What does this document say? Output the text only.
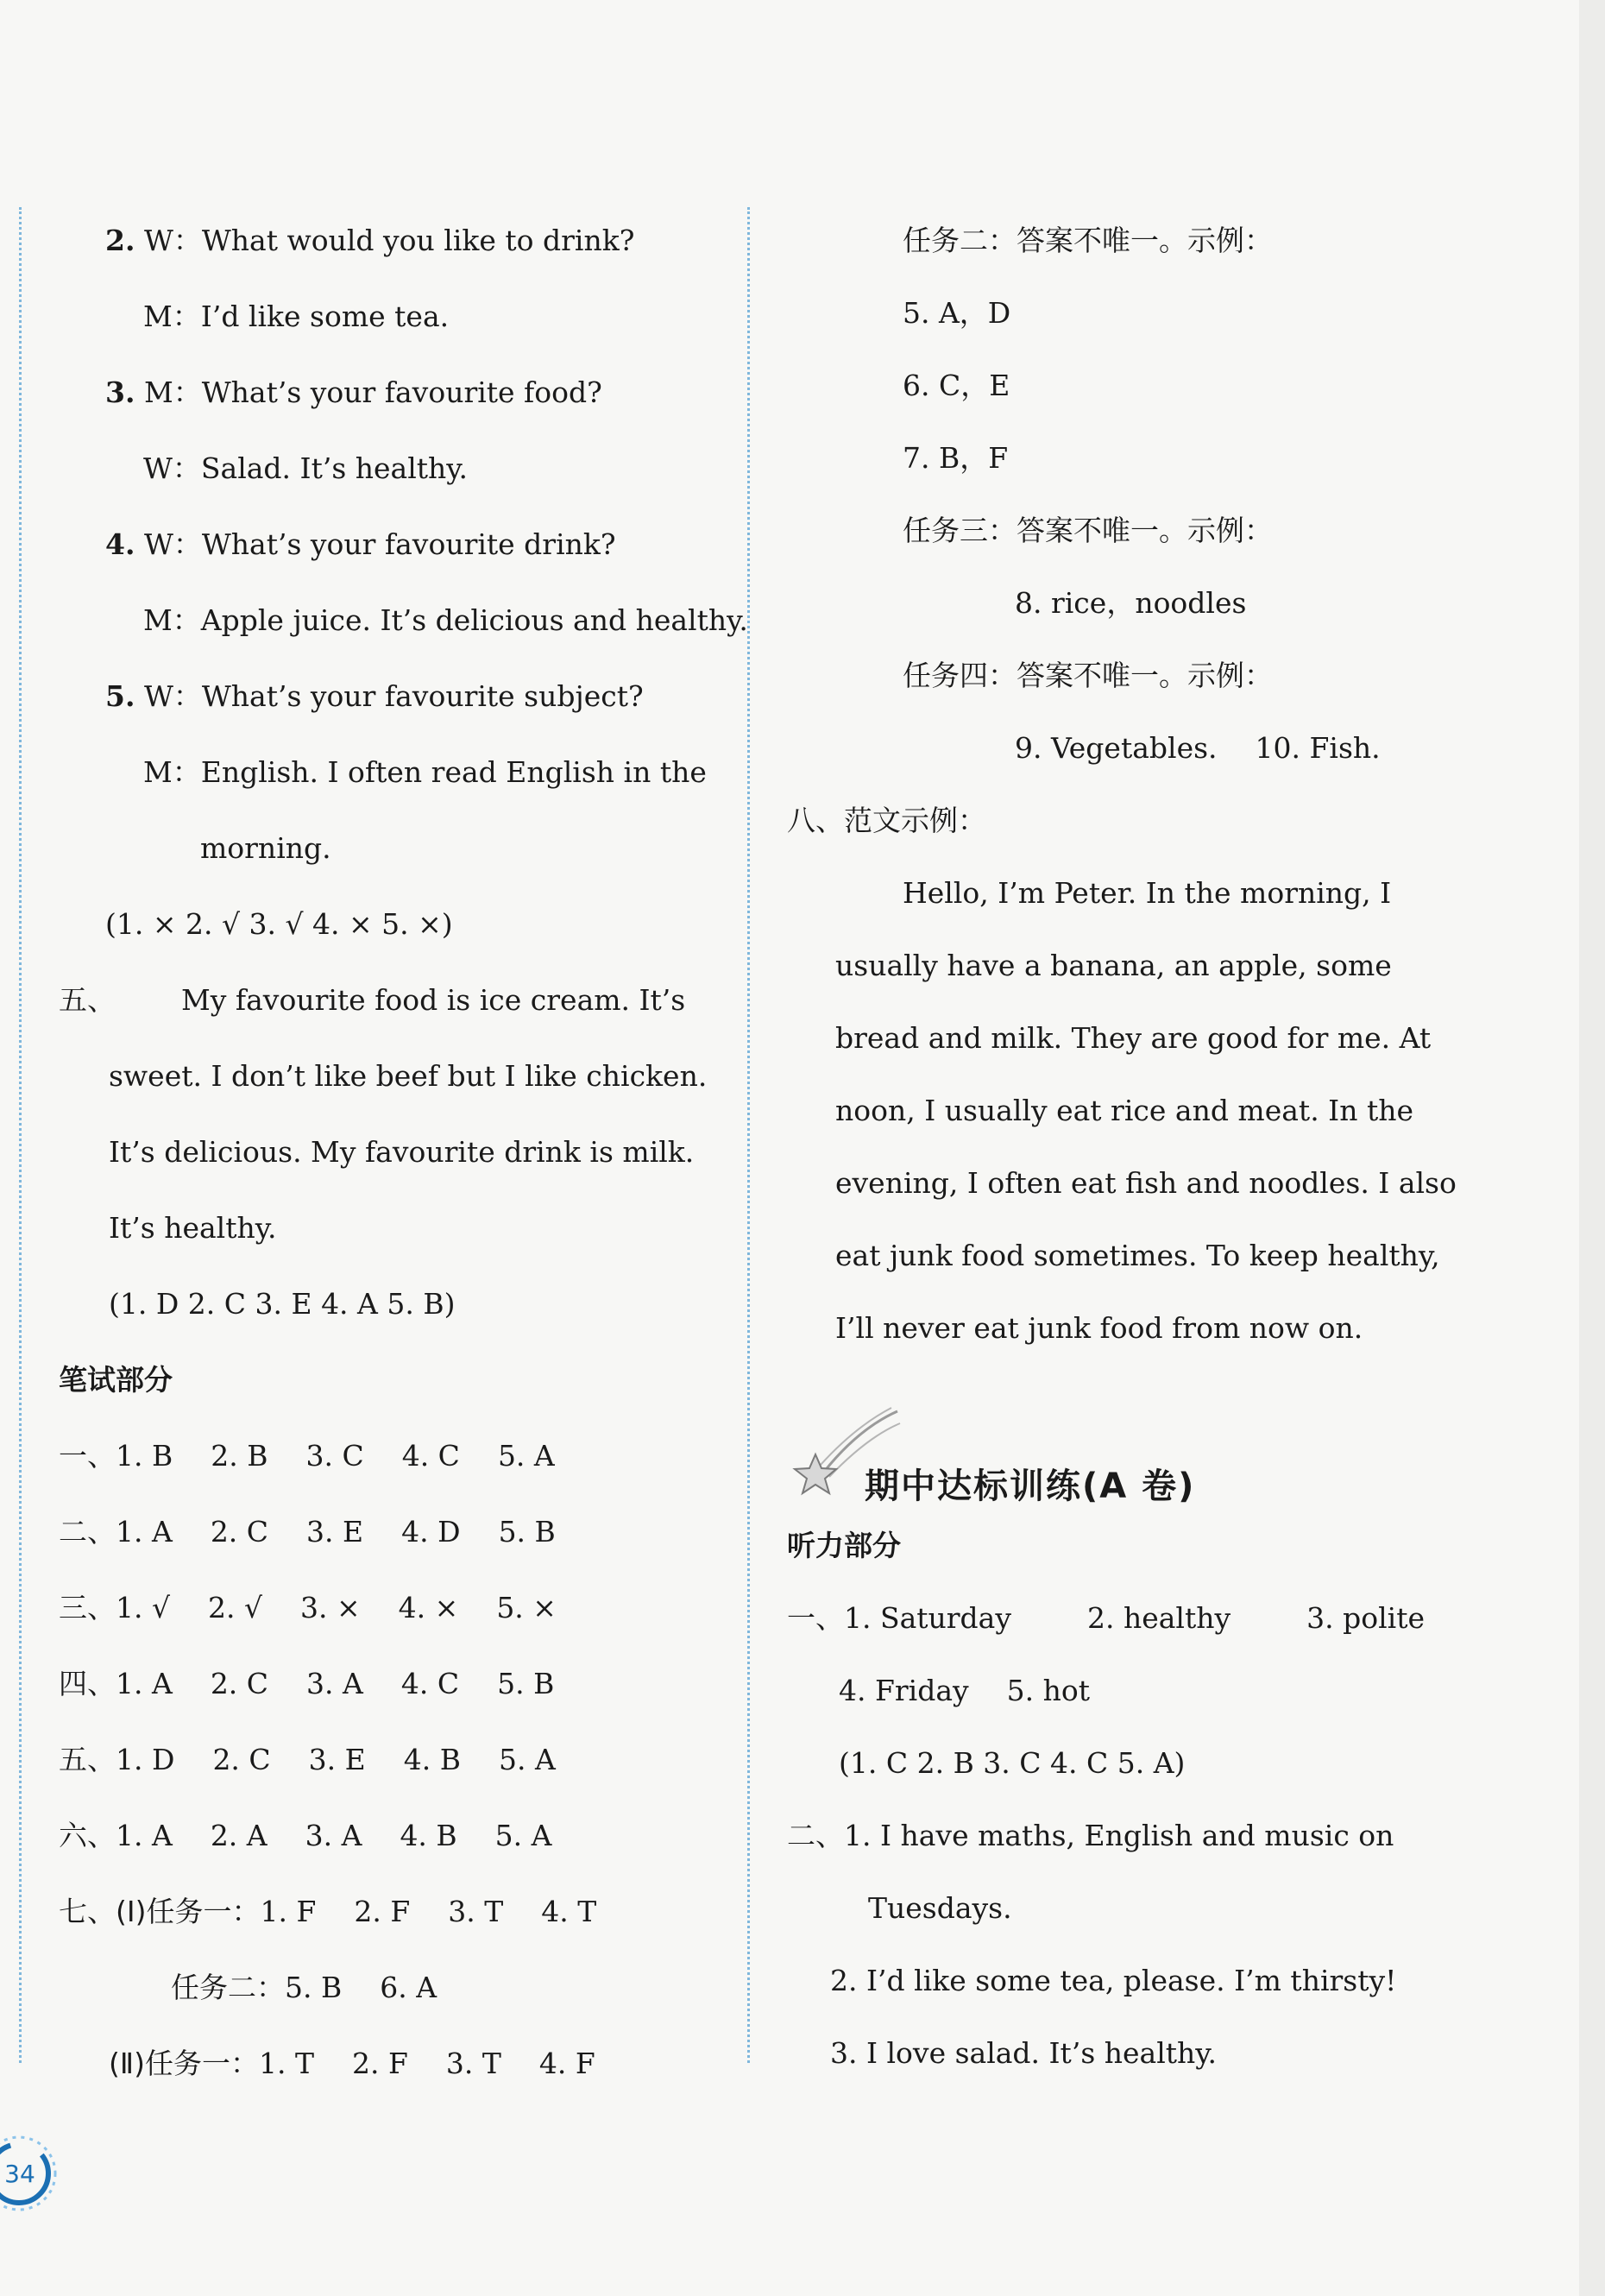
2. W：What would you like to drink?
M：I’d like some tea.
3. M：What’s your favourite food?
W：Salad. It’s healthy.
4. W：What’s your favourite drink?
M：Apple juice. It’s delicious and healthy.
5. W：What’s your favourite subject?
M：English. I often read English in the
morning.
(1. × 2. √ 3. √ 4. × 5. ×)
五、 My favourite food is ice cream. It’s
sweet. I don’t like beef but I like chicken.
It’s delicious. My favourite drink is milk.
It’s healthy.
(1. D 2. C 3. E 4. A 5. B)
笔试部分
一、1. B 2. B 3. C 4. C 5. A
二、1. A 2. C 3. E 4. D 5. B
三、1. √ 2. √ 3. × 4. × 5. ×
四、1. A 2. C 3. A 4. C 5. B
五、1. D 2. C 3. E 4. B 5. A
六、1. A 2. A 3. A 4. B 5. A
七、(Ⅰ)任务一：1. F 2. F 3. T 4. T
任务二：5. B 6. A
(Ⅱ)任务一：1. T 2. F 3. T 4. F
任务二：答案不唯一。示例：
5. A，D
6. C，E
7. B，F
任务三：答案不唯一。示例：
8. rice，noodles
任务四：答案不唯一。示例：
9. Vegetables. 10. Fish.
八、范文示例：
Hello, I’m Peter. In the morning, I
usually have a banana, an apple, some
bread and milk. They are good for me. At
noon, I usually eat rice and meat. In the
evening, I often eat fish and noodles. I also
eat junk food sometimes. To keep healthy,
I’ll never eat junk food from now on.
期中达标训练(A 卷)
听力部分
一、1. Saturday	2. healthy	3. polite
4. Friday 5. hot
(1. C 2. B 3. C 4. C 5. A)
二、1. I have maths, English and music on
Tuesdays.
2. I’d like some tea, please. I’m thirsty!
3. I love salad. It’s healthy.
34
